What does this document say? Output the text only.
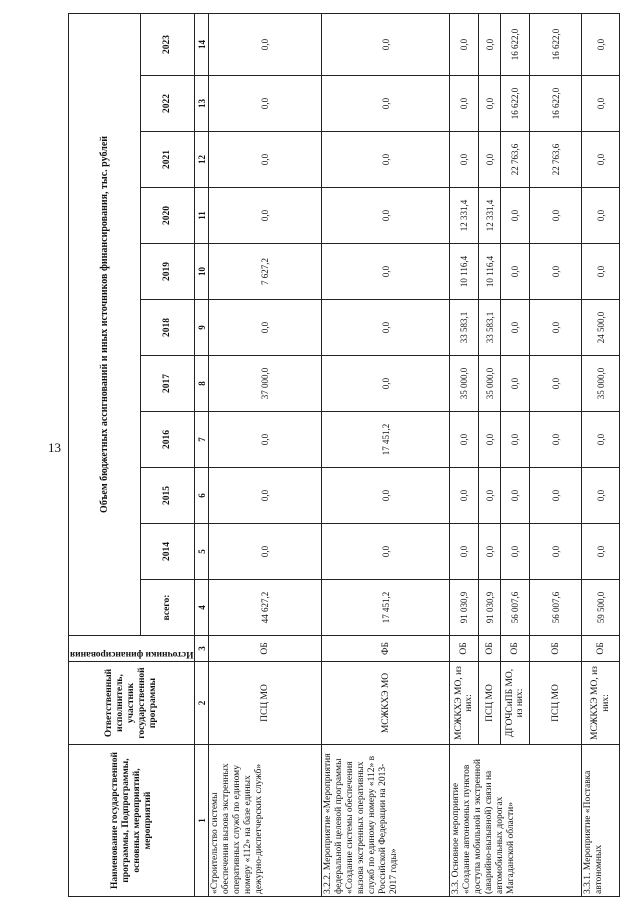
13
Наименование государственной программы, Подпрограммы, основных мероприятий, мероприятий	Ответственный исполнитель, участник государственной программы	Источники финансирования	Объем бюджетных ассигнований и иных источников финансирования, тыс. рублей										
			всего:	2014	2015	2016	2017	2018	2019	2020	2021	2022	2023
1	2	3	4	5	6	7	8	9	10	11	12	13	14
«Строительство системы обеспечения вызова экстренных оперативных служб по единому номеру «112» на базе единых дежурно-диспетчерских служб»	ПСЦ МО	ОБ	44 627,2	0,0	0,0	0,0	37 000,0	0,0	7 627,2	0,0	0,0	0,0	0,0
3.2.2. Мероприятие «Мероприятия федеральной целевой программы «Создание системы обеспечения вызова экстренных оперативных служб по единому номеру «112» в Российской Федерации на 2013-2017 годы»	МСЖКХЭ МО	ФБ	17 451,2	0,0	0,0	17 451,2	0,0	0,0	0,0	0,0	0,0	0,0	0,0
3.3. Основное мероприятие «Создание автономных пунктов доступа мобильной и экстренной (аварийно-вызывной) связи на автомобильных дорогах Магаданской области»	МСЖКХЭ МО, из них:	ОБ	91 030,9	0,0	0,0	0,0	35 000,0	33 583,1	10 116,4	12 331,4	0,0	0,0	0,0
	ПСЦ МО	ОБ	91 030,9	0,0	0,0	0,0	35 000,0	33 583,1	10 116,4	12 331,4	0,0	0,0	0,0
	ДГОЧСиПБ МО, из них:	ОБ	56 007,6	0,0	0,0	0,0	0,0	0,0	0,0	0,0	22 763,6	16 622,0	16 622,0
	ПСЦ МО	ОБ	56 007,6	0,0	0,0	0,0	0,0	0,0	0,0	0,0	22 763,6	16 622,0	16 622,0
3.3.1. Мероприятие «Поставка автономных	МСЖКХЭ МО, из них:	ОБ	59 500,0	0,0	0,0	0,0	35 000,0	24 500,0	0,0	0,0	0,0	0,0	0,0
